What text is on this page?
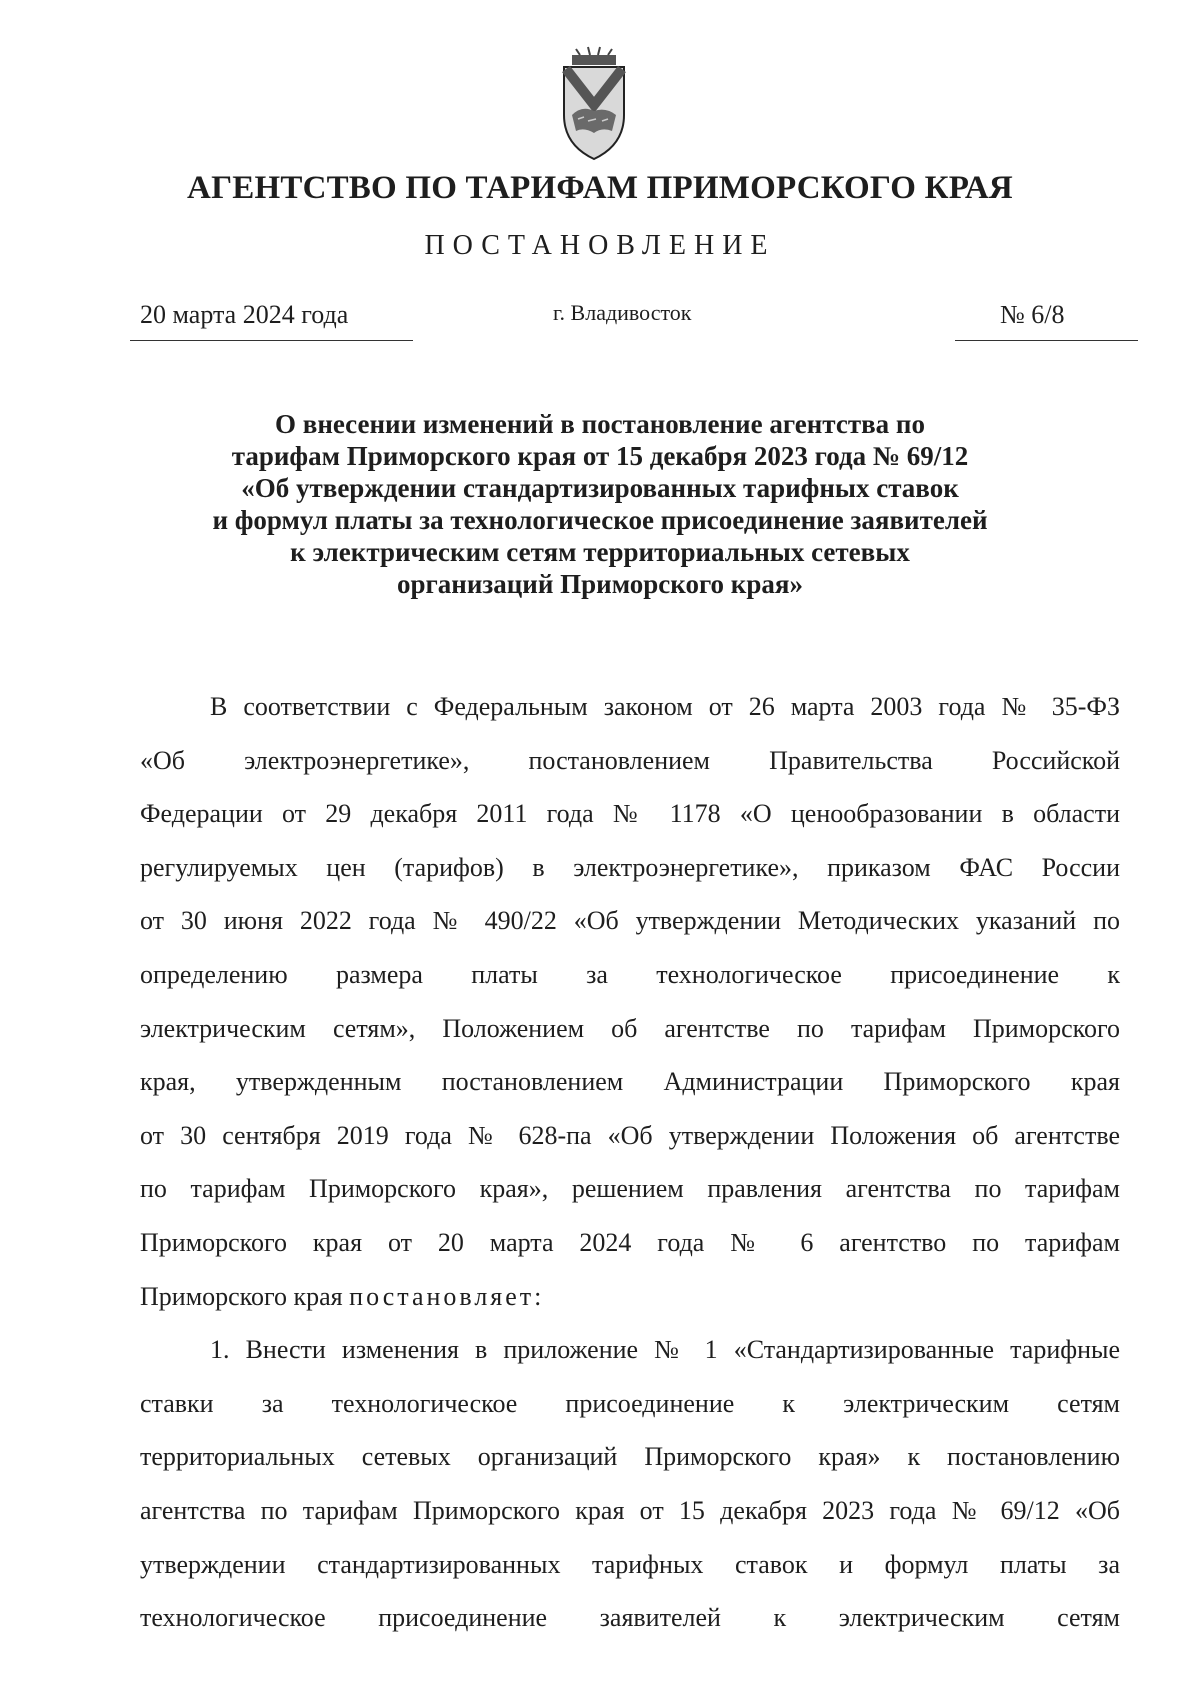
АГЕНТСТВО ПО ТАРИФАМ ПРИМОРСКОГО КРАЯ
ПОСТАНОВЛЕНИЕ
20 марта 2024 года	г. Владивосток	№ 6/8
О внесении изменений в постановление агентства по
тарифам Приморского края от 15 декабря 2023 года № 69/12
«Об утверждении стандартизированных тарифных ставок
и формул платы за технологическое присоединение заявителей
к электрическим сетям территориальных сетевых
организаций Приморского края»
В соответствии с Федеральным законом от 26 марта 2003 года № 35-ФЗ
«Об электроэнергетике», постановлением Правительства Российской
Федерации от 29 декабря 2011 года № 1178 «О ценообразовании в области
регулируемых цен (тарифов) в электроэнергетике», приказом ФАС России
от 30 июня 2022 года № 490/22 «Об утверждении Методических указаний по
определению размера платы за технологическое присоединение к
электрическим сетям», Положением об агентстве по тарифам Приморского
края, утвержденным постановлением Администрации Приморского края
от 30 сентября 2019 года № 628-па «Об утверждении Положения об агентстве
по тарифам Приморского края», решением правления агентства по тарифам
Приморского края от 20 марта 2024 года № 6 агентство по тарифам
Приморского края постановляет:
1. Внести изменения в приложение № 1 «Стандартизированные тарифные
ставки за технологическое присоединение к электрическим сетям
территориальных сетевых организаций Приморского края» к постановлению
агентства по тарифам Приморского края от 15 декабря 2023 года № 69/12 «Об
утверждении стандартизированных тарифных ставок и формул платы за
технологическое присоединение заявителей к электрическим сетям
